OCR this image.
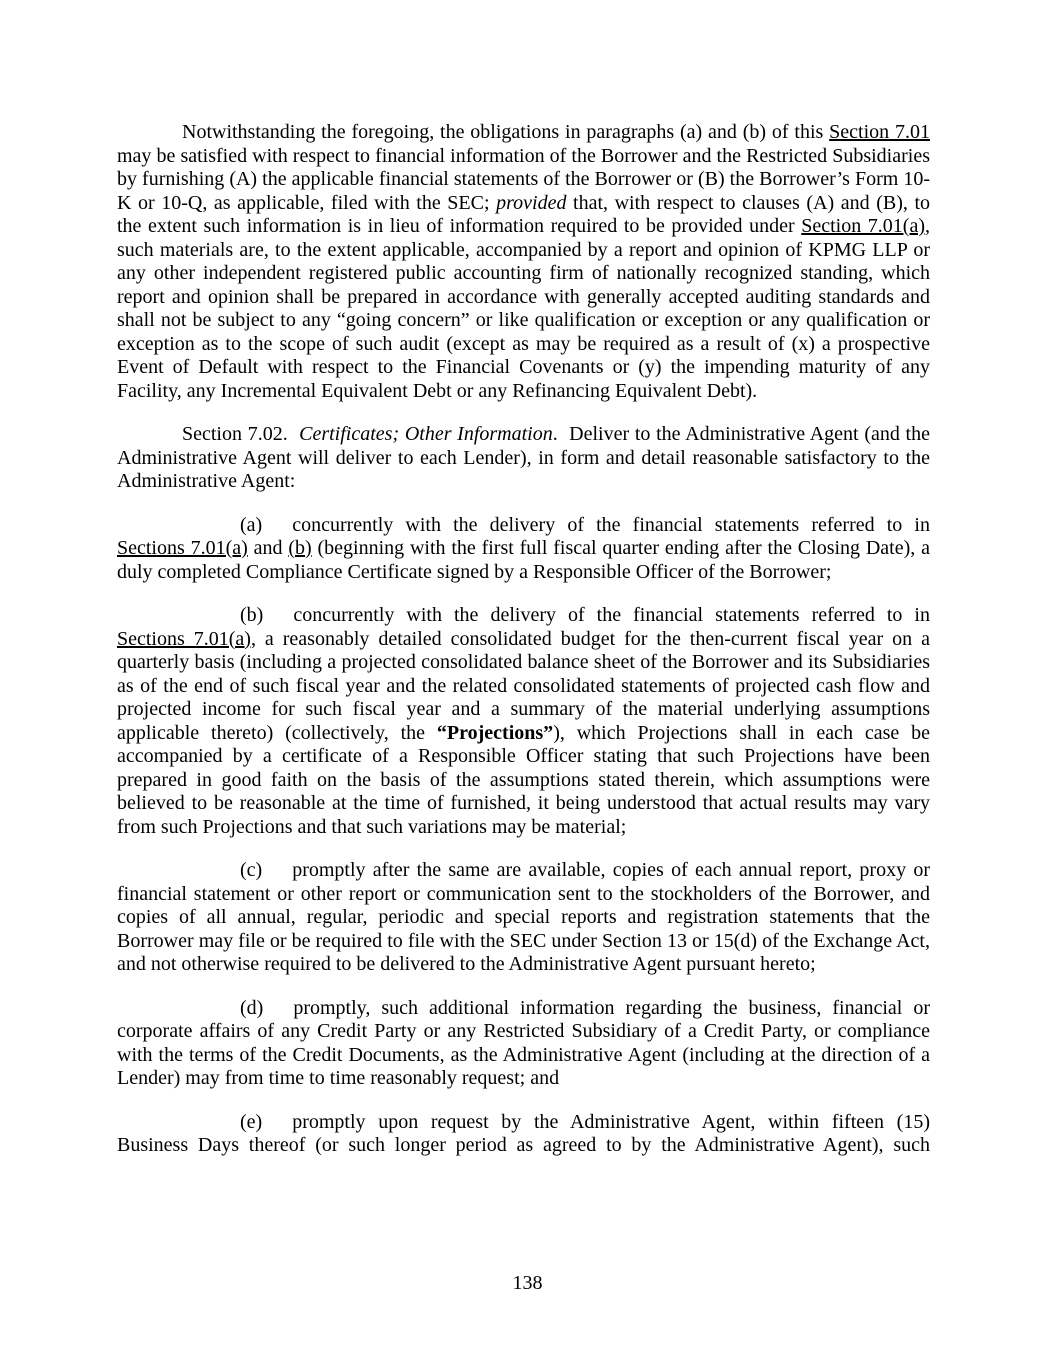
Notwithstanding the foregoing, the obligations in paragraphs (a) and (b) of this Section 7.01 may be satisfied with respect to financial information of the Borrower and the Restricted Subsidiaries by furnishing (A) the applicable financial statements of the Borrower or (B) the Borrower’s Form 10-K or 10-Q, as applicable, filed with the SEC; provided that, with respect to clauses (A) and (B), to the extent such information is in lieu of information required to be provided under Section 7.01(a), such materials are, to the extent applicable, accompanied by a report and opinion of KPMG LLP or any other independent registered public accounting firm of nationally recognized standing, which report and opinion shall be prepared in accordance with generally accepted auditing standards and shall not be subject to any “going concern” or like qualification or exception or any qualification or exception as to the scope of such audit (except as may be required as a result of (x) a prospective Event of Default with respect to the Financial Covenants or (y) the impending maturity of any Facility, any Incremental Equivalent Debt or any Refinancing Equivalent Debt).

Section 7.02.  Certificates; Other Information.  Deliver to the Administrative Agent (and the Administrative Agent will deliver to each Lender), in form and detail reasonable satisfactory to the Administrative Agent:

(a) concurrently with the delivery of the financial statements referred to in Sections 7.01(a) and (b) (beginning with the first full fiscal quarter ending after the Closing Date), a duly completed Compliance Certificate signed by a Responsible Officer of the Borrower;

(b) concurrently with the delivery of the financial statements referred to in Sections 7.01(a), a reasonably detailed consolidated budget for the then-current fiscal year on a quarterly basis (including a projected consolidated balance sheet of the Borrower and its Subsidiaries as of the end of such fiscal year and the related consolidated statements of projected cash flow and projected income for such fiscal year and a summary of the material underlying assumptions applicable thereto) (collectively, the “Projections”), which Projections shall in each case be accompanied by a certificate of a Responsible Officer stating that such Projections have been prepared in good faith on the basis of the assumptions stated therein, which assumptions were believed to be reasonable at the time of furnished, it being understood that actual results may vary from such Projections and that such variations may be material;

(c) promptly after the same are available, copies of each annual report, proxy or financial statement or other report or communication sent to the stockholders of the Borrower, and copies of all annual, regular, periodic and special reports and registration statements that the Borrower may file or be required to file with the SEC under Section 13 or 15(d) of the Exchange Act, and not otherwise required to be delivered to the Administrative Agent pursuant hereto;

(d) promptly, such additional information regarding the business, financial or corporate affairs of any Credit Party or any Restricted Subsidiary of a Credit Party, or compliance with the terms of the Credit Documents, as the Administrative Agent (including at the direction of a Lender) may from time to time reasonably request; and

(e) promptly upon request by the Administrative Agent, within fifteen (15) Business Days thereof (or such longer period as agreed to by the Administrative Agent), such

138
